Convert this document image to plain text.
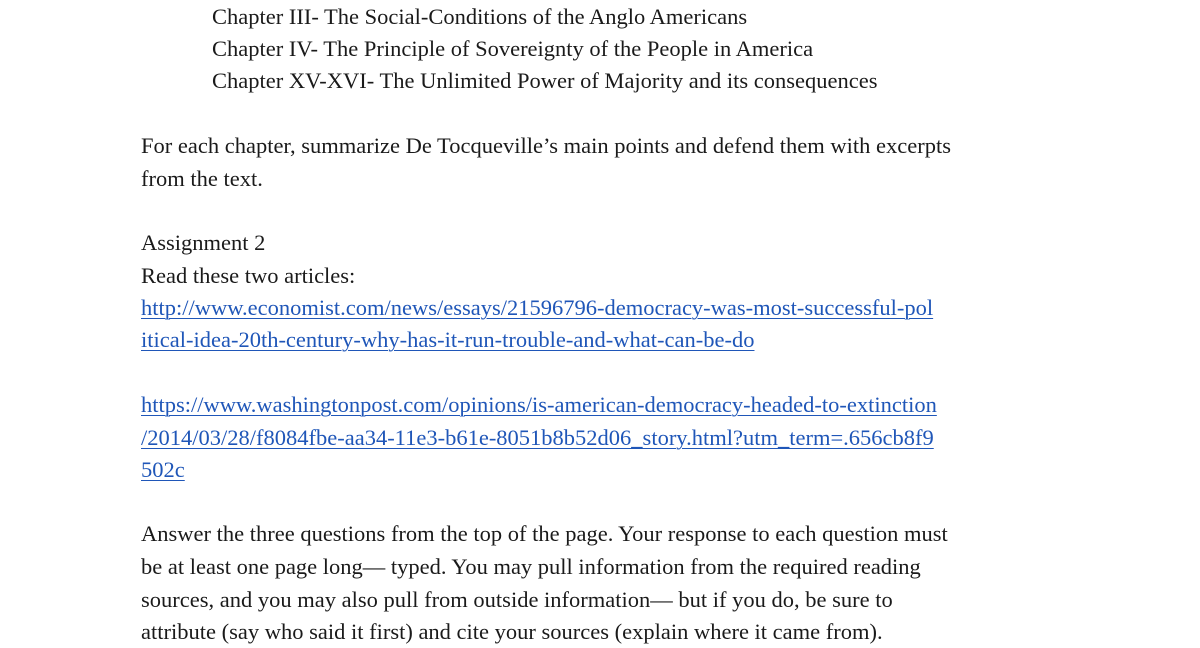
Chapter III- The Social-Conditions of the Anglo Americans
Chapter IV- The Principle of Sovereignty of the People in America
Chapter XV-XVI- The Unlimited Power of Majority and its consequences
For each chapter, summarize De Tocqueville’s main points and defend them with excerpts
from the text.
Assignment 2
Read these two articles:
http://www.economist.com/news/essays/21596796-democracy-was-most-successful-pol
itical-idea-20th-century-why-has-it-run-trouble-and-what-can-be-do
https://www.washingtonpost.com/opinions/is-american-democracy-headed-to-extinction
/2014/03/28/f8084fbe-aa34-11e3-b61e-8051b8b52d06_story.html?utm_term=.656cb8f9
502c
Answer the three questions from the top of the page. Your response to each question must
be at least one page long— typed. You may pull information from the required reading
sources, and you may also pull from outside information— but if you do, be sure to
attribute (say who said it first) and cite your sources (explain where it came from).
